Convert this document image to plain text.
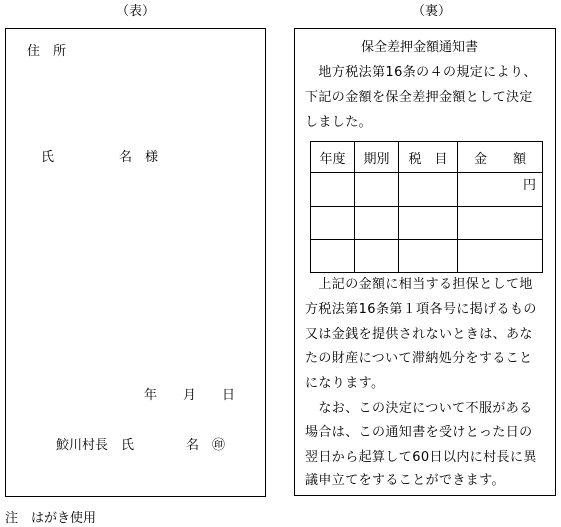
（表）	（裏）
住　所
氏　　　　　名　様
年　　月　　日
鮫川村長　氏　　　　名　㊞
保全差押金額通知書
　地方税法第16条の４の規定により、
下記の金額を保全差押金額として決定
しました。
年度	期別	税　目	金　　額
			円

　上記の金額に相当する担保として地
方税法第16条第１項各号に掲げるもの
又は金銭を提供されないときは、あな
たの財産について滞納処分をすること
になります。
　なお、この決定について不服がある
場合は、この通知書を受けとった日の
翌日から起算して60日以内に村長に異
議申立てをすることができます。
注　はがき使用
